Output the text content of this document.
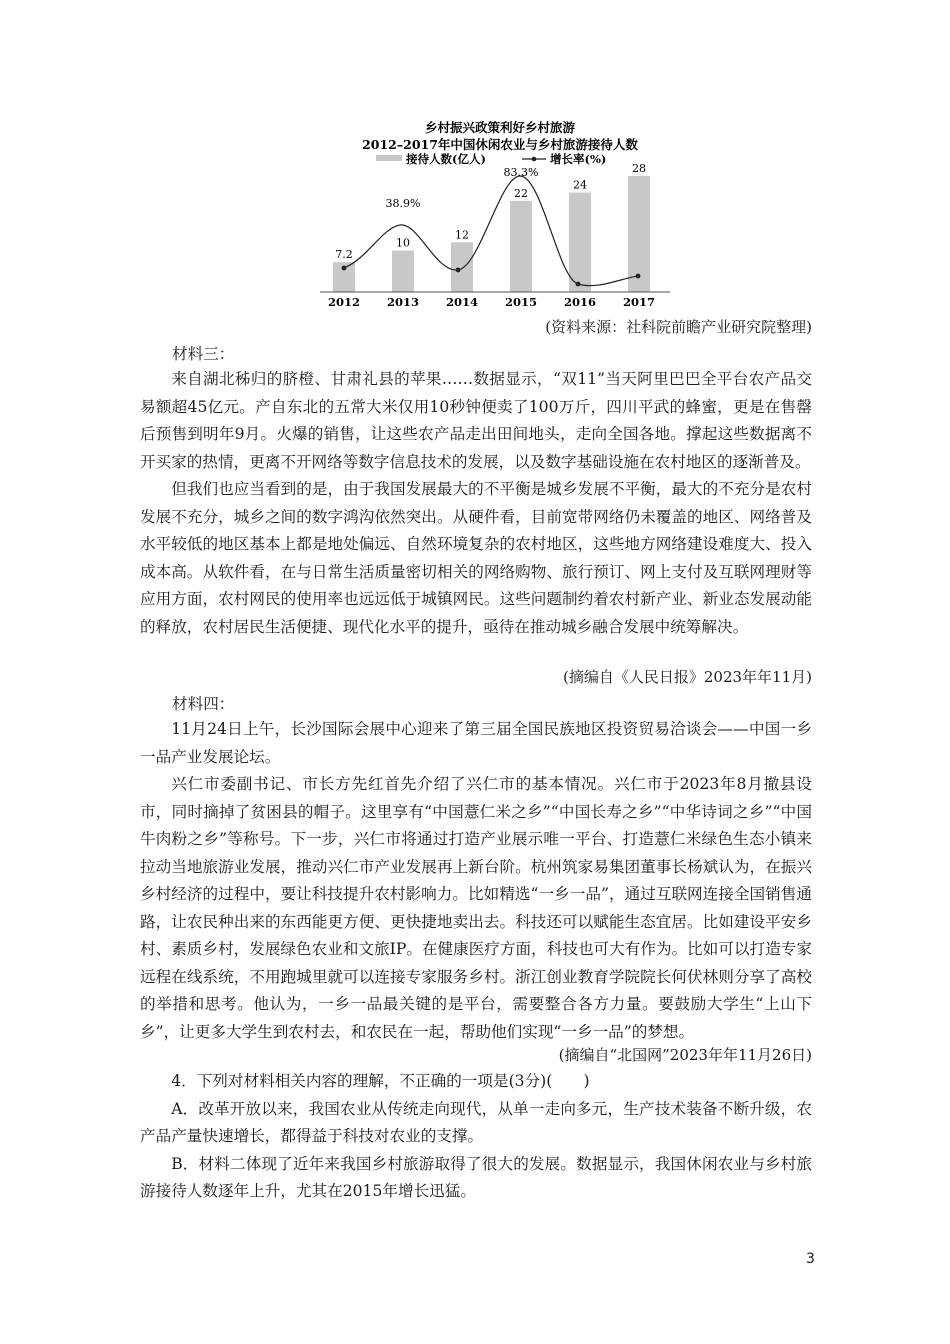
乡村振兴政策利好乡村旅游
2012–2017年中国休闲农业与乡村旅游接待人数
接待人数(亿人)	增长率(%)
7.2
10
12
22
24
28
38.9%
83.3%
2012 2013 2014 2015 2016 2017
(资料来源：社科院前瞻产业研究院整理)
材料三：

来自湖北秭归的脐橙、甘肃礼县的苹果……数据显示，“双11”当天阿里巴巴全平台农产品交易额超45亿元。产自东北的五常大米仅用10秒钟便卖了100万斤，四川平武的蜂蜜，更是在售罄后预售到明年9月。火爆的销售，让这些农产品走出田间地头，走向全国各地。撑起这些数据离不开买家的热情，更离不开网络等数字信息技术的发展，以及数字基础设施在农村地区的逐渐普及。

但我们也应当看到的是，由于我国发展最大的不平衡是城乡发展不平衡，最大的不充分是农村发展不充分，城乡之间的数字鸿沟依然突出。从硬件看，目前宽带网络仍未覆盖的地区、网络普及水平较低的地区基本上都是地处偏远、自然环境复杂的农村地区，这些地方网络建设难度大、投入成本高。从软件看，在与日常生活质量密切相关的网络购物、旅行预订、网上支付及互联网理财等应用方面，农村网民的使用率也远远低于城镇网民。这些问题制约着农村新产业、新业态发展动能的释放，农村居民生活便捷、现代化水平的提升，亟待在推动城乡融合发展中统筹解决。

(摘编自《人民日报》2023年年11月)
材料四：

11月24日上午，长沙国际会展中心迎来了第三届全国民族地区投资贸易洽谈会——中国一乡一品产业发展论坛。

兴仁市委副书记、市长方先红首先介绍了兴仁市的基本情况。兴仁市于2023年8月撤县设市，同时摘掉了贫困县的帽子。这里享有“中国薏仁米之乡”“中国长寿之乡”“中华诗词之乡”“中国牛肉粉之乡”等称号。下一步，兴仁市将通过打造产业展示唯一平台、打造薏仁米绿色生态小镇来拉动当地旅游业发展，推动兴仁市产业发展再上新台阶。杭州筑家易集团董事长杨斌认为，在振兴乡村经济的过程中，要让科技提升农村影响力。比如精选“一乡一品”，通过互联网连接全国销售通路，让农民种出来的东西能更方便、更快捷地卖出去。科技还可以赋能生态宜居。比如建设平安乡村、素质乡村，发展绿色农业和文旅IP。在健康医疗方面，科技也可大有作为。比如可以打造专家远程在线系统，不用跑城里就可以连接专家服务乡村。浙江创业教育学院院长何伏林则分享了高校的举措和思考。他认为，一乡一品最关键的是平台，需要整合各方力量。要鼓励大学生“上山下乡”，让更多大学生到农村去，和农民在一起，帮助他们实现“一乡一品”的梦想。

(摘编自“北国网”2023年年11月26日)

4．下列对材料相关内容的理解，不正确的一项是(3分)(　　)

A．改革开放以来，我国农业从传统走向现代，从单一走向多元，生产技术装备不断升级，农产品产量快速增长，都得益于科技对农业的支撑。

B．材料二体现了近年来我国乡村旅游取得了很大的发展。数据显示，我国休闲农业与乡村旅游接待人数逐年上升，尤其在2015年增长迅猛。

3
